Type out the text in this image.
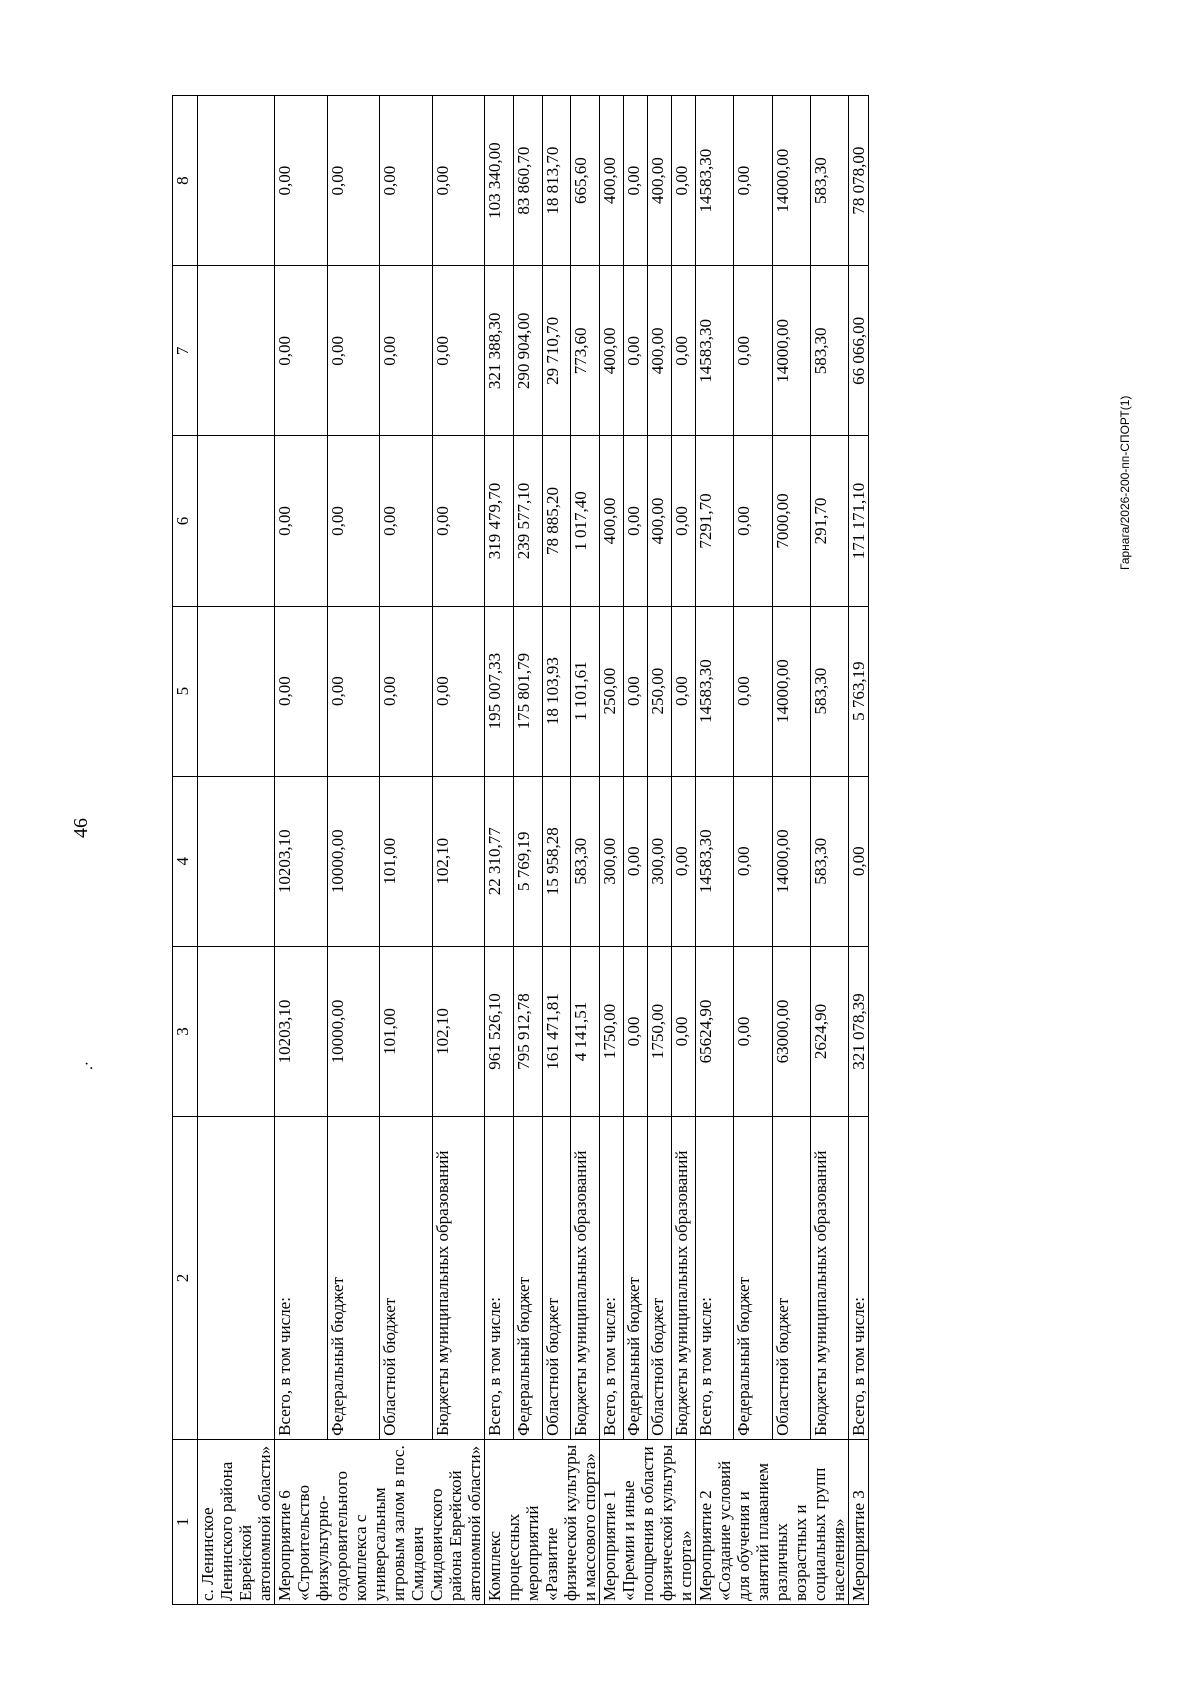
46
·.
Гарнага/2026-200-пп-СПОРТ(1)
1	2	3	4	5	6	7	8
с. Ленинское Ленинского района Еврейской автономной области»							
Мероприятие 6 «Строительство физкультурно-оздоровительного комплекса с универсальным игровым залом в пос. Смидович Смидовичского района Еврейской автономной области»	Всего, в том числе:	10203,10	10203,10	0,00	0,00	0,00	0,00
	Федеральный бюджет	10000,00	10000,00	0,00	0,00	0,00	0,00
	Областной бюджет	101,00	101,00	0,00	0,00	0,00	0,00
	Бюджеты муниципальных образований	102,10	102,10	0,00	0,00	0,00	0,00
Комплекс процессных мероприятий «Развитие физической культуры и массового спорта»	Всего, в том числе:	961 526,10	22 310,77	195 007,33	319 479,70	321 388,30	103 340,00
	Федеральный бюджет	795 912,78	5 769,19	175 801,79	239 577,10	290 904,00	83 860,70
	Областной бюджет	161 471,81	15 958,28	18 103,93	78 885,20	29 710,70	18 813,70
	Бюджеты муниципальных образований	4 141,51	583,30	1 101,61	1 017,40	773,60	665,60
Мероприятие 1 «Премии и иные поощрения в области физической культуры и спорта»	Всего, в том числе:	1750,00	300,00	250,00	400,00	400,00	400,00
	Федеральный бюджет	0,00	0,00	0,00	0,00	0,00	0,00
	Областной бюджет	1750,00	300,00	250,00	400,00	400,00	400,00
	Бюджеты муниципальных образований	0,00	0,00	0,00	0,00	0,00	0,00
Мероприятие 2 «Создание условий для обучения и занятий плаванием различных возрастных и социальных групп населения»	Всего, в том числе:	65624,90	14583,30	14583,30	7291,70	14583,30	14583,30
	Федеральный бюджет	0,00	0,00	0,00	0,00	0,00	0,00
	Областной бюджет	63000,00	14000,00	14000,00	7000,00	14000,00	14000,00
	Бюджеты муниципальных образований	2624,90	583,30	583,30	291,70	583,30	583,30
Мероприятие 3	Всего, в том числе:	321 078,39	0,00	5 763,19	171 171,10	66 066,00	78 078,00
